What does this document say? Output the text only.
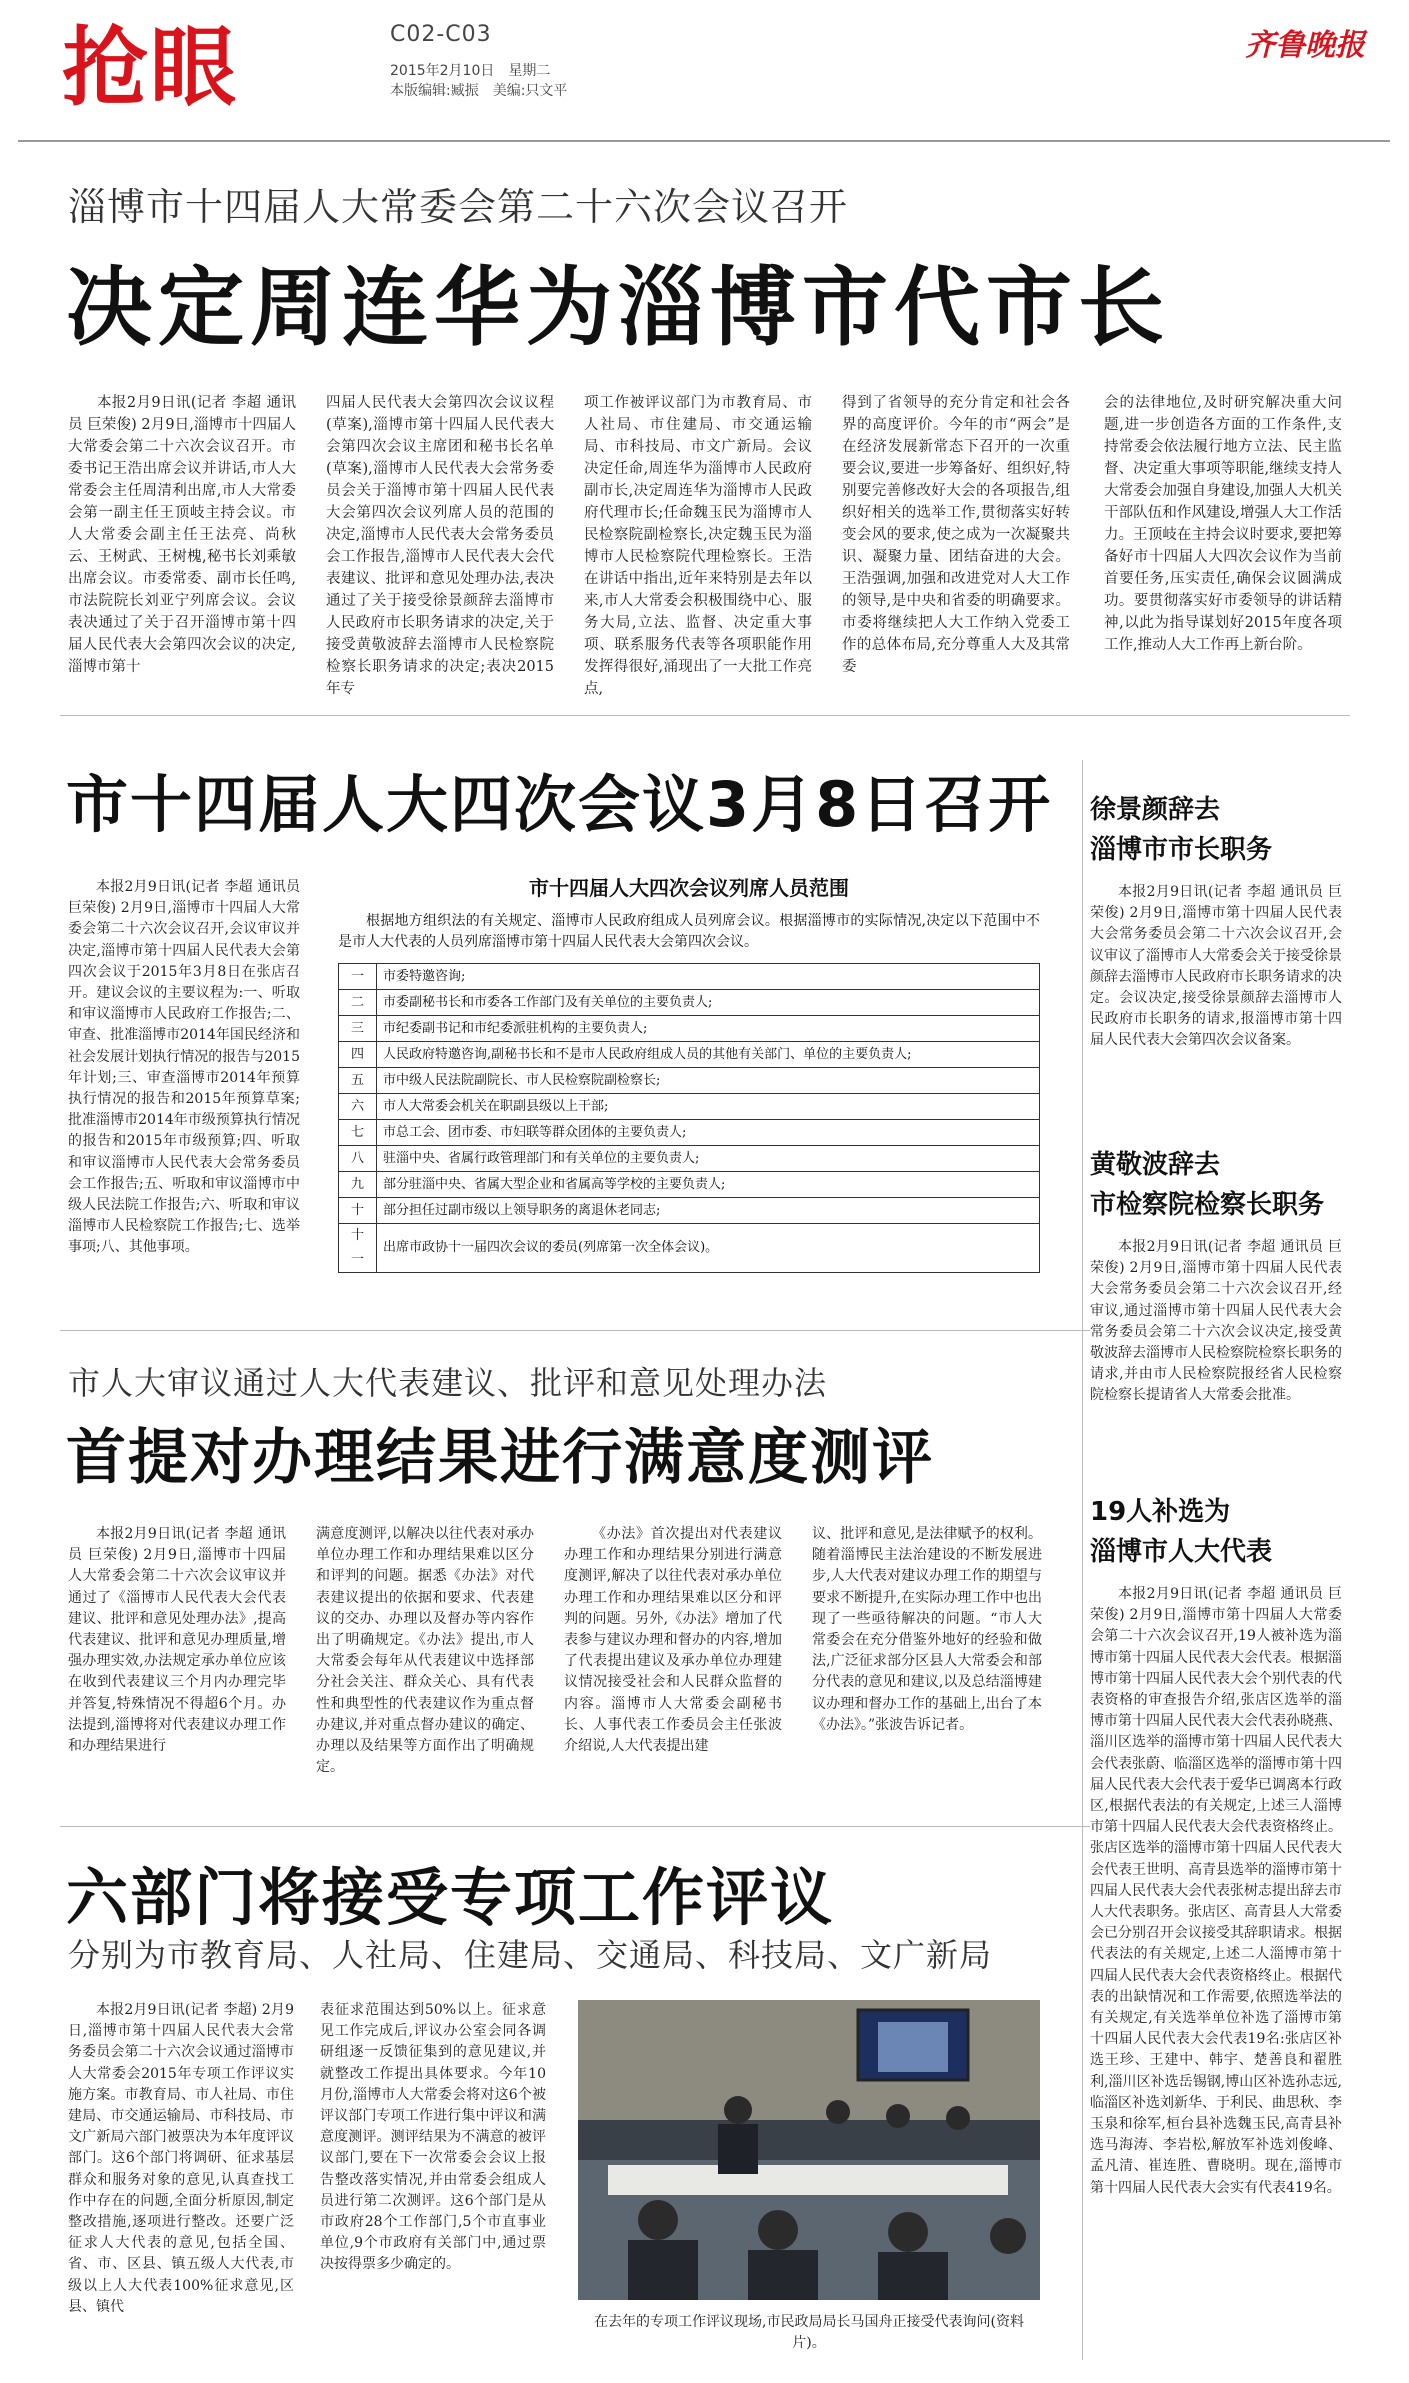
抢眼	C02-C03
2015年2月10日　星期二
本版编辑:臧振　美编:只文平
齐鲁晚报
淄博市十四届人大常委会第二十六次会议召开
决定周连华为淄博市代市长

本报2月9日讯(记者 李超 通讯员 巨荣俊) 2月9日,淄博市十四届人大常委会第二十六次会议召开。市委书记王浩出席会议并讲话,市人大常委会主任周清利出席,市人大常委会第一副主任王顶岐主持会议。市人大常委会副主任王法亮、尚秋云、王树武、王树槐,秘书长刘乘敏出席会议。市委常委、副市长任鸣,市法院院长刘亚宁列席会议。会议表决通过了关于召开淄博市第十四届人民代表大会第四次会议的决定,淄博市第十

四届人民代表大会第四次会议议程(草案),淄博市第十四届人民代表大会第四次会议主席团和秘书长名单(草案),淄博市人民代表大会常务委员会关于淄博市第十四届人民代表大会第四次会议列席人员的范围的决定,淄博市人民代表大会常务委员会工作报告,淄博市人民代表大会代表建议、批评和意见处理办法,表决通过了关于接受徐景颜辞去淄博市人民政府市长职务请求的决定,关于接受黄敬波辞去淄博市人民检察院检察长职务请求的决定;表决2015年专

项工作被评议部门为市教育局、市人社局、市住建局、市交通运输局、市科技局、市文广新局。会议决定任命,周连华为淄博市人民政府副市长,决定周连华为淄博市人民政府代理市长;任命魏玉民为淄博市人民检察院副检察长,决定魏玉民为淄博市人民检察院代理检察长。王浩在讲话中指出,近年来特别是去年以来,市人大常委会积极围绕中心、服务大局,立法、监督、决定重大事项、联系服务代表等各项职能作用发挥得很好,涌现出了一大批工作亮点,

得到了省领导的充分肯定和社会各界的高度评价。今年的市“两会”是在经济发展新常态下召开的一次重要会议,要进一步筹备好、组织好,特别要完善修改好大会的各项报告,组织好相关的选举工作,贯彻落实好转变会风的要求,使之成为一次凝聚共识、凝聚力量、团结奋进的大会。王浩强调,加强和改进党对人大工作的领导,是中央和省委的明确要求。市委将继续把人大工作纳入党委工作的总体布局,充分尊重人大及其常委

会的法律地位,及时研究解决重大问题,进一步创造各方面的工作条件,支持常委会依法履行地方立法、民主监督、决定重大事项等职能,继续支持人大常委会加强自身建设,加强人大机关干部队伍和作风建设,增强人大工作活力。王顶岐在主持会议时要求,要把筹备好市十四届人大四次会议作为当前首要任务,压实责任,确保会议圆满成功。要贯彻落实好市委领导的讲话精神,以此为指导谋划好2015年度各项工作,推动人大工作再上新台阶。

市十四届人大四次会议3月8日召开

本报2月9日讯(记者 李超 通讯员 巨荣俊) 2月9日,淄博市十四届人大常委会第二十六次会议召开,会议审议并决定,淄博市第十四届人民代表大会第四次会议于2015年3月8日在张店召开。建议会议的主要议程为:一、听取和审议淄博市人民政府工作报告;二、审查、批准淄博市2014年国民经济和社会发展计划执行情况的报告与2015年计划;三、审查淄博市2014年预算执行情况的报告和2015年预算草案;批准淄博市2014年市级预算执行情况的报告和2015年市级预算;四、听取和审议淄博市人民代表大会常务委员会工作报告;五、听取和审议淄博市中级人民法院工作报告;六、听取和审议淄博市人民检察院工作报告;七、选举事项;八、其他事项。

市十四届人大四次会议列席人员范围
根据地方组织法的有关规定、淄博市人民政府组成人员列席会议。根据淄博市的实际情况,决定以下范围中不是市人大代表的人员列席淄博市第十四届人民代表大会第四次会议。
一	市委特邀咨询;
二	市委副秘书长和市委各工作部门及有关单位的主要负责人;
三	市纪委副书记和市纪委派驻机构的主要负责人;
四	人民政府特邀咨询,副秘书长和不是市人民政府组成人员的其他有关部门、单位的主要负责人;
五	市中级人民法院副院长、市人民检察院副检察长;
六	市人大常委会机关在职副县级以上干部;
七	市总工会、团市委、市妇联等群众团体的主要负责人;
八	驻淄中央、省属行政管理部门和有关单位的主要负责人;
九	部分驻淄中央、省属大型企业和省属高等学校的主要负责人;
十	部分担任过副市级以上领导职务的离退休老同志;
十一	出席市政协十一届四次会议的委员(列席第一次全体会议)。
市人大审议通过人大代表建议、批评和意见处理办法
首提对办理结果进行满意度测评

本报2月9日讯(记者 李超 通讯员 巨荣俊) 2月9日,淄博市十四届人大常委会第二十六次会议审议并通过了《淄博市人民代表大会代表建议、批评和意见处理办法》,提高代表建议、批评和意见办理质量,增强办理实效,办法规定承办单位应该在收到代表建议三个月内办理完毕并答复,特殊情况不得超6个月。办法提到,淄博将对代表建议办理工作和办理结果进行

满意度测评,以解决以往代表对承办单位办理工作和办理结果难以区分和评判的问题。据悉《办法》对代表建议提出的依据和要求、代表建议的交办、办理以及督办等内容作出了明确规定。《办法》提出,市人大常委会每年从代表建议中选择部分社会关注、群众关心、具有代表性和典型性的代表建议作为重点督办建议,并对重点督办建议的确定、办理以及结果等方面作出了明确规定。

《办法》首次提出对代表建议办理工作和办理结果分别进行满意度测评,解决了以往代表对承办单位办理工作和办理结果难以区分和评判的问题。另外,《办法》增加了代表参与建议办理和督办的内容,增加了代表提出建议及承办单位办理建议情况接受社会和人民群众监督的内容。淄博市人大常委会副秘书长、人事代表工作委员会主任张波介绍说,人大代表提出建

议、批评和意见,是法律赋予的权利。随着淄博民主法治建设的不断发展进步,人大代表对建议办理工作的期望与要求不断提升,在实际办理工作中也出现了一些亟待解决的问题。“市人大常委会在充分借鉴外地好的经验和做法,广泛征求部分区县人大常委会和部分代表的意见和建议,以及总结淄博建议办理和督办工作的基础上,出台了本《办法》。”张波告诉记者。

六部门将接受专项工作评议
分别为市教育局、人社局、住建局、交通局、科技局、文广新局

本报2月9日讯(记者 李超) 2月9日,淄博市第十四届人民代表大会常务委员会第二十六次会议通过淄博市人大常委会2015年专项工作评议实施方案。市教育局、市人社局、市住建局、市交通运输局、市科技局、市文广新局六部门被票决为本年度评议部门。这6个部门将调研、征求基层群众和服务对象的意见,认真查找工作中存在的问题,全面分析原因,制定整改措施,逐项进行整改。还要广泛征求人大代表的意见,包括全国、省、市、区县、镇五级人大代表,市级以上人大代表100%征求意见,区县、镇代

表征求范围达到50%以上。征求意见工作完成后,评议办公室会同各调研组逐一反馈征集到的意见建议,并就整改工作提出具体要求。今年10月份,淄博市人大常委会将对这6个被评议部门专项工作进行集中评议和满意度测评。测评结果为不满意的被评议部门,要在下一次常委会会议上报告整改落实情况,并由常委会组成人员进行第二次测评。这6个部门是从市政府28个工作部门,5个市直事业单位,9个市政府有关部门中,通过票决按得票多少确定的。

在去年的专项工作评议现场,市民政局局长马国舟正接受代表询问(资料片)。
徐景颜辞去
淄博市市长职务

本报2月9日讯(记者 李超 通讯员 巨荣俊) 2月9日,淄博市第十四届人民代表大会常务委员会第二十六次会议召开,会议审议了淄博市人大常委会关于接受徐景颜辞去淄博市人民政府市长职务请求的决定。会议决定,接受徐景颜辞去淄博市人民政府市长职务的请求,报淄博市第十四届人民代表大会第四次会议备案。

黄敬波辞去
市检察院检察长职务

本报2月9日讯(记者 李超 通讯员 巨荣俊) 2月9日,淄博市第十四届人民代表大会常务委员会第二十六次会议召开,经审议,通过淄博市第十四届人民代表大会常务委员会第二十六次会议决定,接受黄敬波辞去淄博市人民检察院检察长职务的请求,并由市人民检察院报经省人民检察院检察长提请省人大常委会批准。

19人补选为
淄博市人大代表

本报2月9日讯(记者 李超 通讯员 巨荣俊) 2月9日,淄博市第十四届人大常委会第二十六次会议召开,19人被补选为淄博市第十四届人民代表大会代表。根据淄博市第十四届人民代表大会个别代表的代表资格的审查报告介绍,张店区选举的淄博市第十四届人民代表大会代表孙晓燕、淄川区选举的淄博市第十四届人民代表大会代表张蔚、临淄区选举的淄博市第十四届人民代表大会代表于爱华已调离本行政区,根据代表法的有关规定,上述三人淄博市第十四届人民代表大会代表资格终止。张店区选举的淄博市第十四届人民代表大会代表王世明、高青县选举的淄博市第十四届人民代表大会代表张树志提出辞去市人大代表职务。张店区、高青县人大常委会已分别召开会议接受其辞职请求。根据代表法的有关规定,上述二人淄博市第十四届人民代表大会代表资格终止。根据代表的出缺情况和工作需要,依照选举法的有关规定,有关选举单位补选了淄博市第十四届人民代表大会代表19名:张店区补选王珍、王建中、韩宇、楚善良和翟胜利,淄川区补选岳锡钢,博山区补选孙志远,临淄区补选刘新华、于利民、曲思秋、李玉泉和徐军,桓台县补选魏玉民,高青县补选马海涛、李岩松,解放军补选刘俊峰、孟凡清、崔连胜、曹晓明。现在,淄博市第十四届人民代表大会实有代表419名。
